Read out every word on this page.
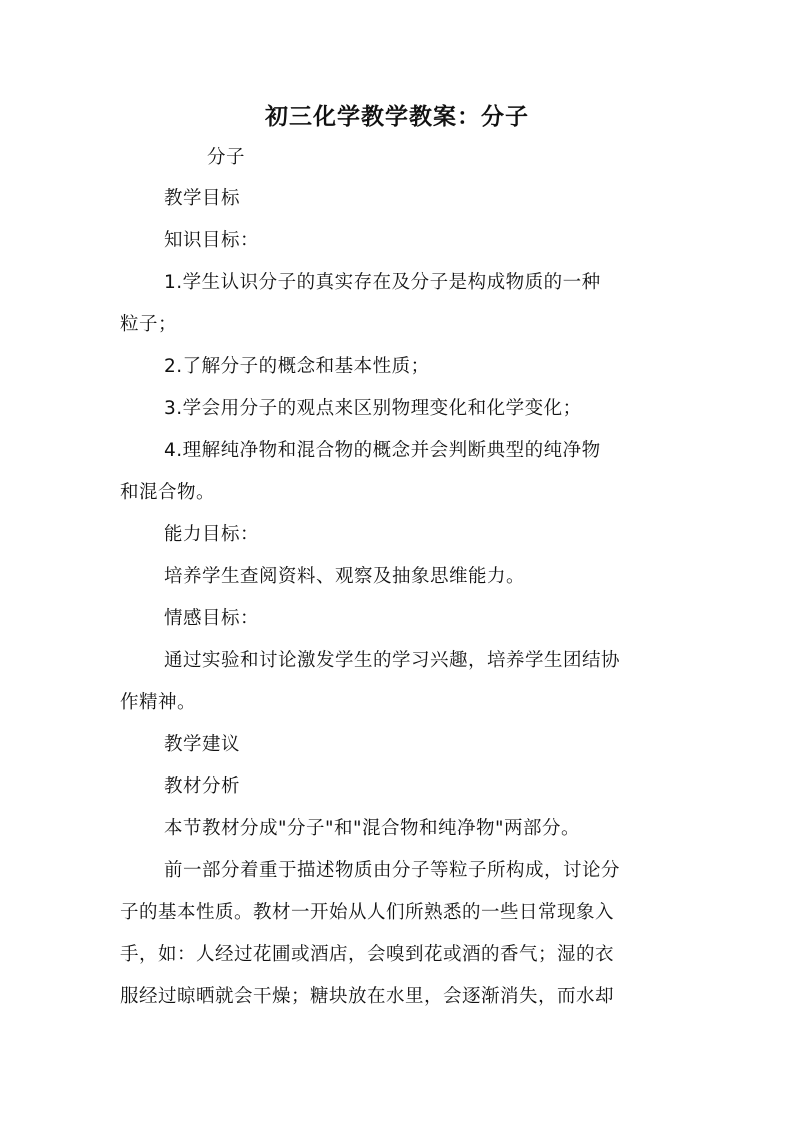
初三化学教学教案：分子
分子
教学目标
知识目标：
1.学生认识分子的真实存在及分子是构成物质的一种
粒子；
2.了解分子的概念和基本性质；
3.学会用分子的观点来区别物理变化和化学变化；
4.理解纯净物和混合物的概念并会判断典型的纯净物
和混合物。
能力目标：
培养学生查阅资料、观察及抽象思维能力。
情感目标：
通过实验和讨论激发学生的学习兴趣，培养学生团结协
作精神。
教学建议
教材分析
本节教材分成"分子"和"混合物和纯净物"两部分。
前一部分着重于描述物质由分子等粒子所构成，讨论分
子的基本性质。教材一开始从人们所熟悉的一些日常现象入
手，如：人经过花圃或酒店，会嗅到花或酒的香气；湿的衣
服经过晾晒就会干燥；糖块放在水里，会逐渐消失，而水却
